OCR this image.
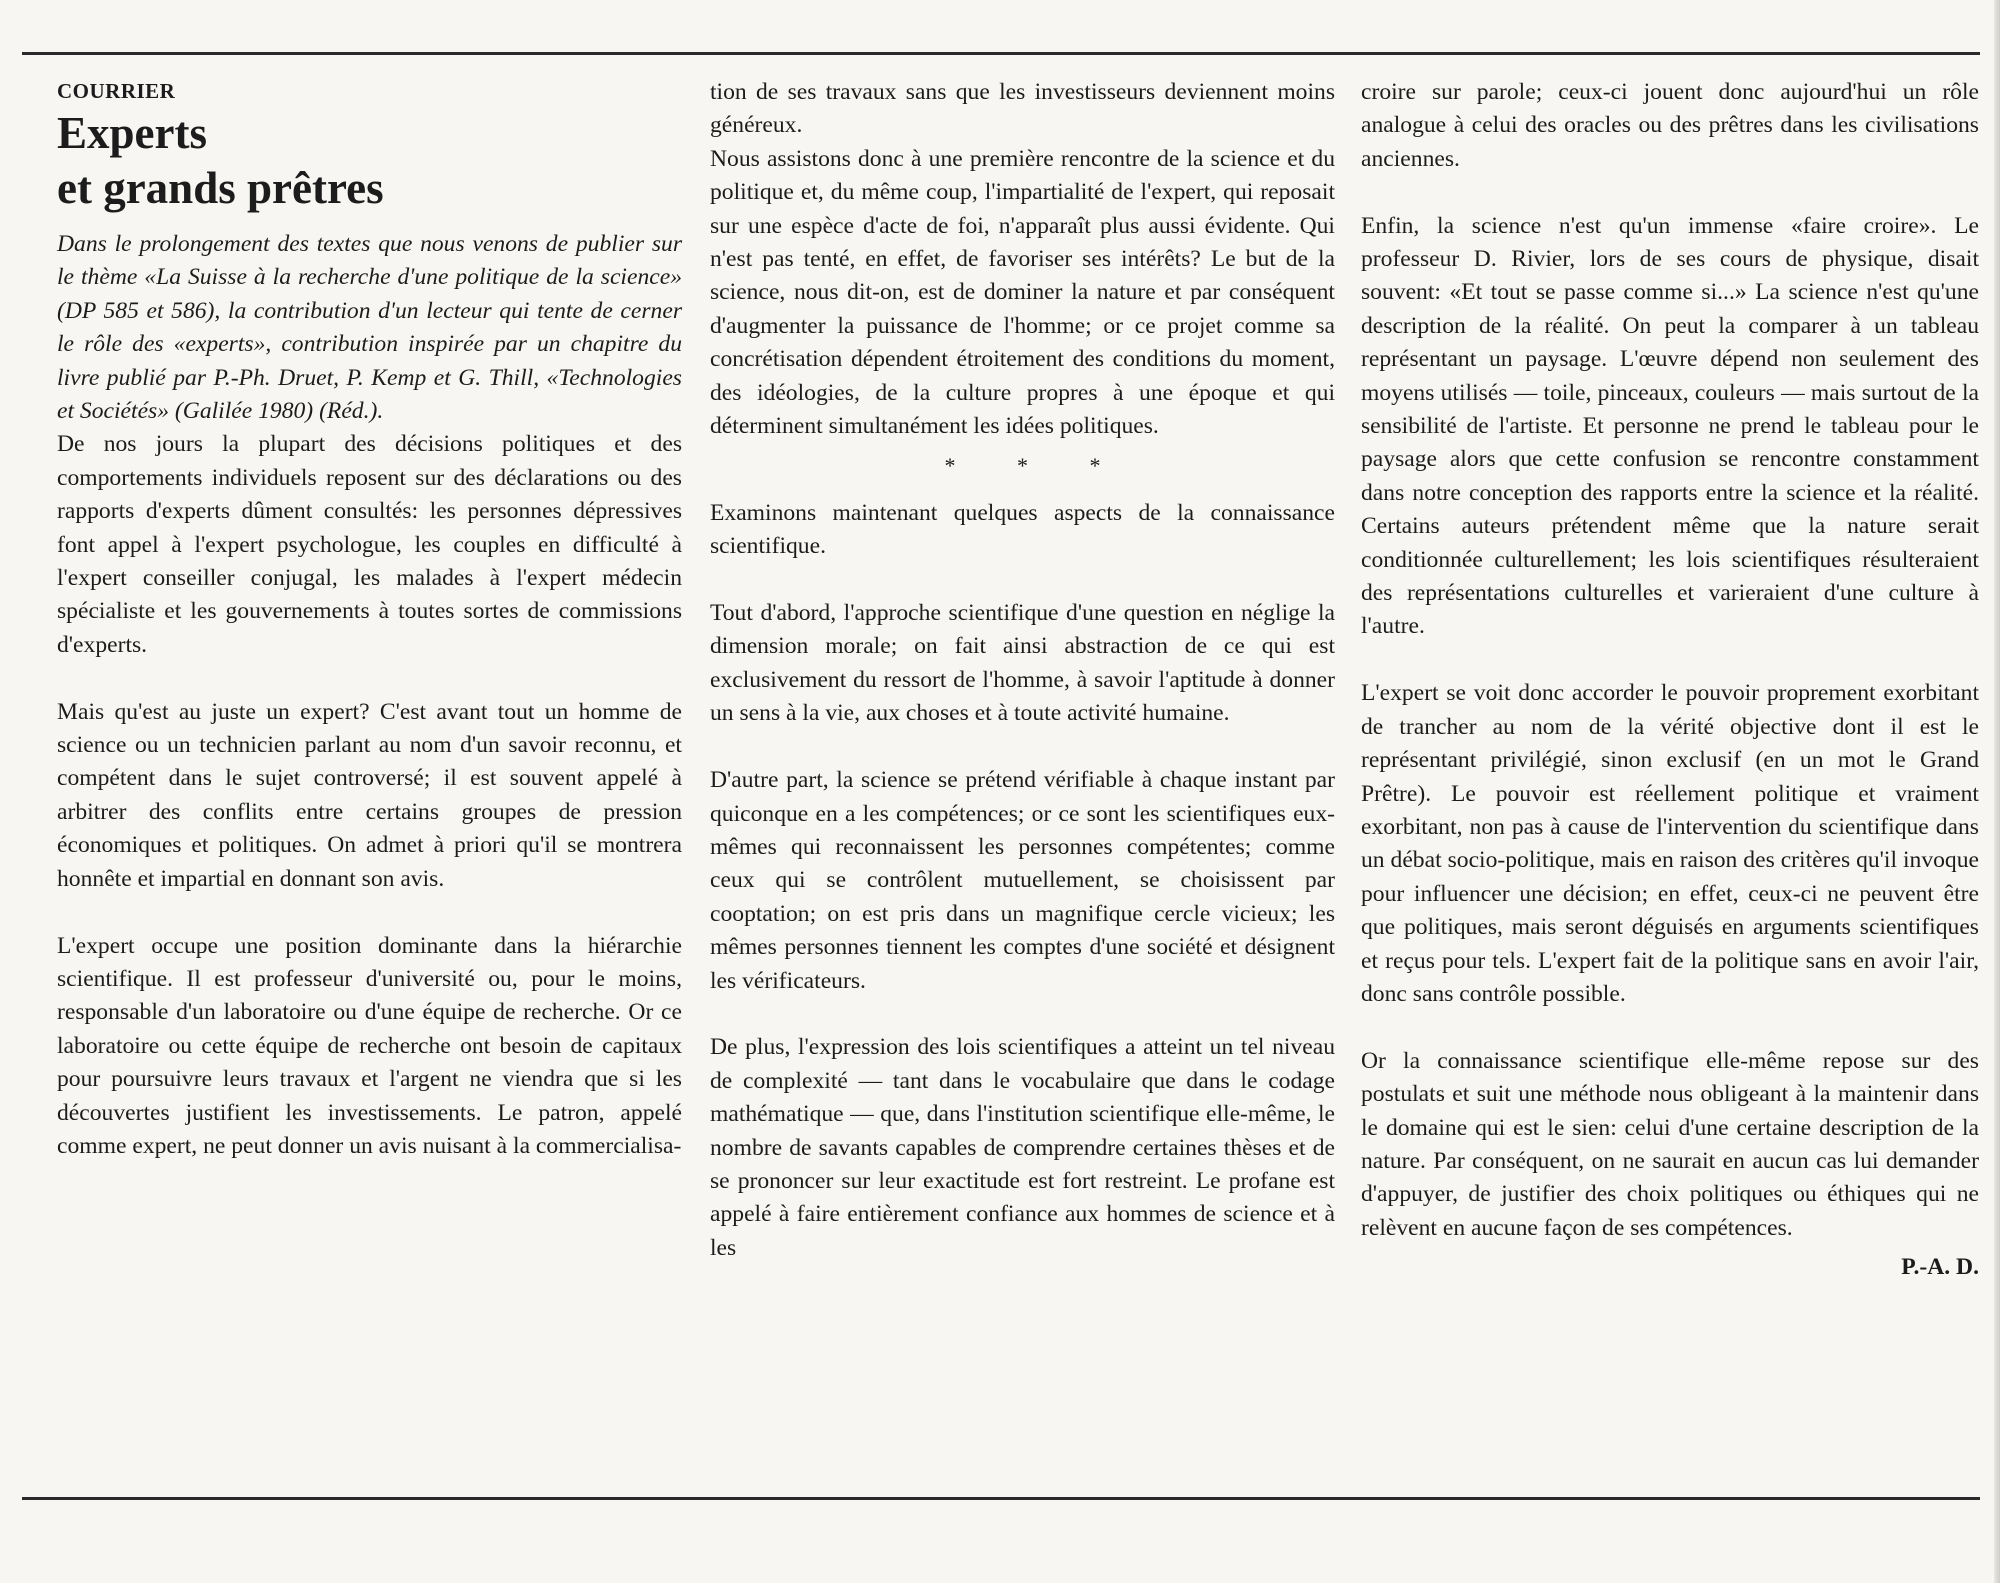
COURRIER

Experts
et grands prêtres

Dans le prolongement des textes que nous venons de publier sur le thème «La Suisse à la recherche d'une politique de la science» (DP 585 et 586), la contribution d'un lecteur qui tente de cerner le rôle des «experts», contribution inspirée par un chapitre du livre publié par P.-Ph. Druet, P. Kemp et G. Thill, «Technologies et Sociétés» (Galilée 1980) (Réd.).

De nos jours la plupart des décisions politiques et des comportements individuels reposent sur des déclarations ou des rapports d'experts dûment consultés: les personnes dépressives font appel à l'expert psychologue, les couples en difficulté à l'expert conseiller conjugal, les malades à l'expert médecin spécialiste et les gouvernements à toutes sortes de commissions d'experts.

Mais qu'est au juste un expert? C'est avant tout un homme de science ou un technicien parlant au nom d'un savoir reconnu, et compétent dans le sujet controversé; il est souvent appelé à arbitrer des conflits entre certains groupes de pression économiques et politiques. On admet à priori qu'il se montrera honnête et impartial en donnant son avis.

L'expert occupe une position dominante dans la hiérarchie scientifique. Il est professeur d'université ou, pour le moins, responsable d'un laboratoire ou d'une équipe de recherche. Or ce laboratoire ou cette équipe de recherche ont besoin de capitaux pour poursuivre leurs travaux et l'argent ne viendra que si les découvertes justifient les investissements. Le patron, appelé comme expert, ne peut donner un avis nuisant à la commercialisa-

tion de ses travaux sans que les investisseurs deviennent moins généreux.

Nous assistons donc à une première rencontre de la science et du politique et, du même coup, l'impartialité de l'expert, qui reposait sur une espèce d'acte de foi, n'apparaît plus aussi évidente. Qui n'est pas tenté, en effet, de favoriser ses intérêts? Le but de la science, nous dit-on, est de dominer la nature et par conséquent d'augmenter la puissance de l'homme; or ce projet comme sa concrétisation dépendent étroitement des conditions du moment, des idéologies, de la culture propres à une époque et qui déterminent simultanément les idées politiques.

* * *

Examinons maintenant quelques aspects de la connaissance scientifique.

Tout d'abord, l'approche scientifique d'une question en néglige la dimension morale; on fait ainsi abstraction de ce qui est exclusivement du ressort de l'homme, à savoir l'aptitude à donner un sens à la vie, aux choses et à toute activité humaine.

D'autre part, la science se prétend vérifiable à chaque instant par quiconque en a les compétences; or ce sont les scientifiques eux-mêmes qui reconnaissent les personnes compétentes; comme ceux qui se contrôlent mutuellement, se choisissent par cooptation; on est pris dans un magnifique cercle vicieux; les mêmes personnes tiennent les comptes d'une société et désignent les vérificateurs.

De plus, l'expression des lois scientifiques a atteint un tel niveau de complexité — tant dans le vocabulaire que dans le codage mathématique — que, dans l'institution scientifique elle-même, le nombre de savants capables de comprendre certaines thèses et de se prononcer sur leur exactitude est fort restreint. Le profane est appelé à faire entièrement confiance aux hommes de science et à les

croire sur parole; ceux-ci jouent donc aujourd'hui un rôle analogue à celui des oracles ou des prêtres dans les civilisations anciennes.

Enfin, la science n'est qu'un immense «faire croire». Le professeur D. Rivier, lors de ses cours de physique, disait souvent: «Et tout se passe comme si...» La science n'est qu'une description de la réalité. On peut la comparer à un tableau représentant un paysage. L'œuvre dépend non seulement des moyens utilisés — toile, pinceaux, couleurs — mais surtout de la sensibilité de l'artiste. Et personne ne prend le tableau pour le paysage alors que cette confusion se rencontre constamment dans notre conception des rapports entre la science et la réalité. Certains auteurs prétendent même que la nature serait conditionnée culturellement; les lois scientifiques résulteraient des représentations culturelles et varieraient d'une culture à l'autre.

L'expert se voit donc accorder le pouvoir proprement exorbitant de trancher au nom de la vérité objective dont il est le représentant privilégié, sinon exclusif (en un mot le Grand Prêtre). Le pouvoir est réellement politique et vraiment exorbitant, non pas à cause de l'intervention du scientifique dans un débat socio-politique, mais en raison des critères qu'il invoque pour influencer une décision; en effet, ceux-ci ne peuvent être que politiques, mais seront déguisés en arguments scientifiques et reçus pour tels. L'expert fait de la politique sans en avoir l'air, donc sans contrôle possible.

Or la connaissance scientifique elle-même repose sur des postulats et suit une méthode nous obligeant à la maintenir dans le domaine qui est le sien: celui d'une certaine description de la nature. Par conséquent, on ne saurait en aucun cas lui demander d'appuyer, de justifier des choix politiques ou éthiques qui ne relèvent en aucune façon de ses compétences.

P.-A. D.
